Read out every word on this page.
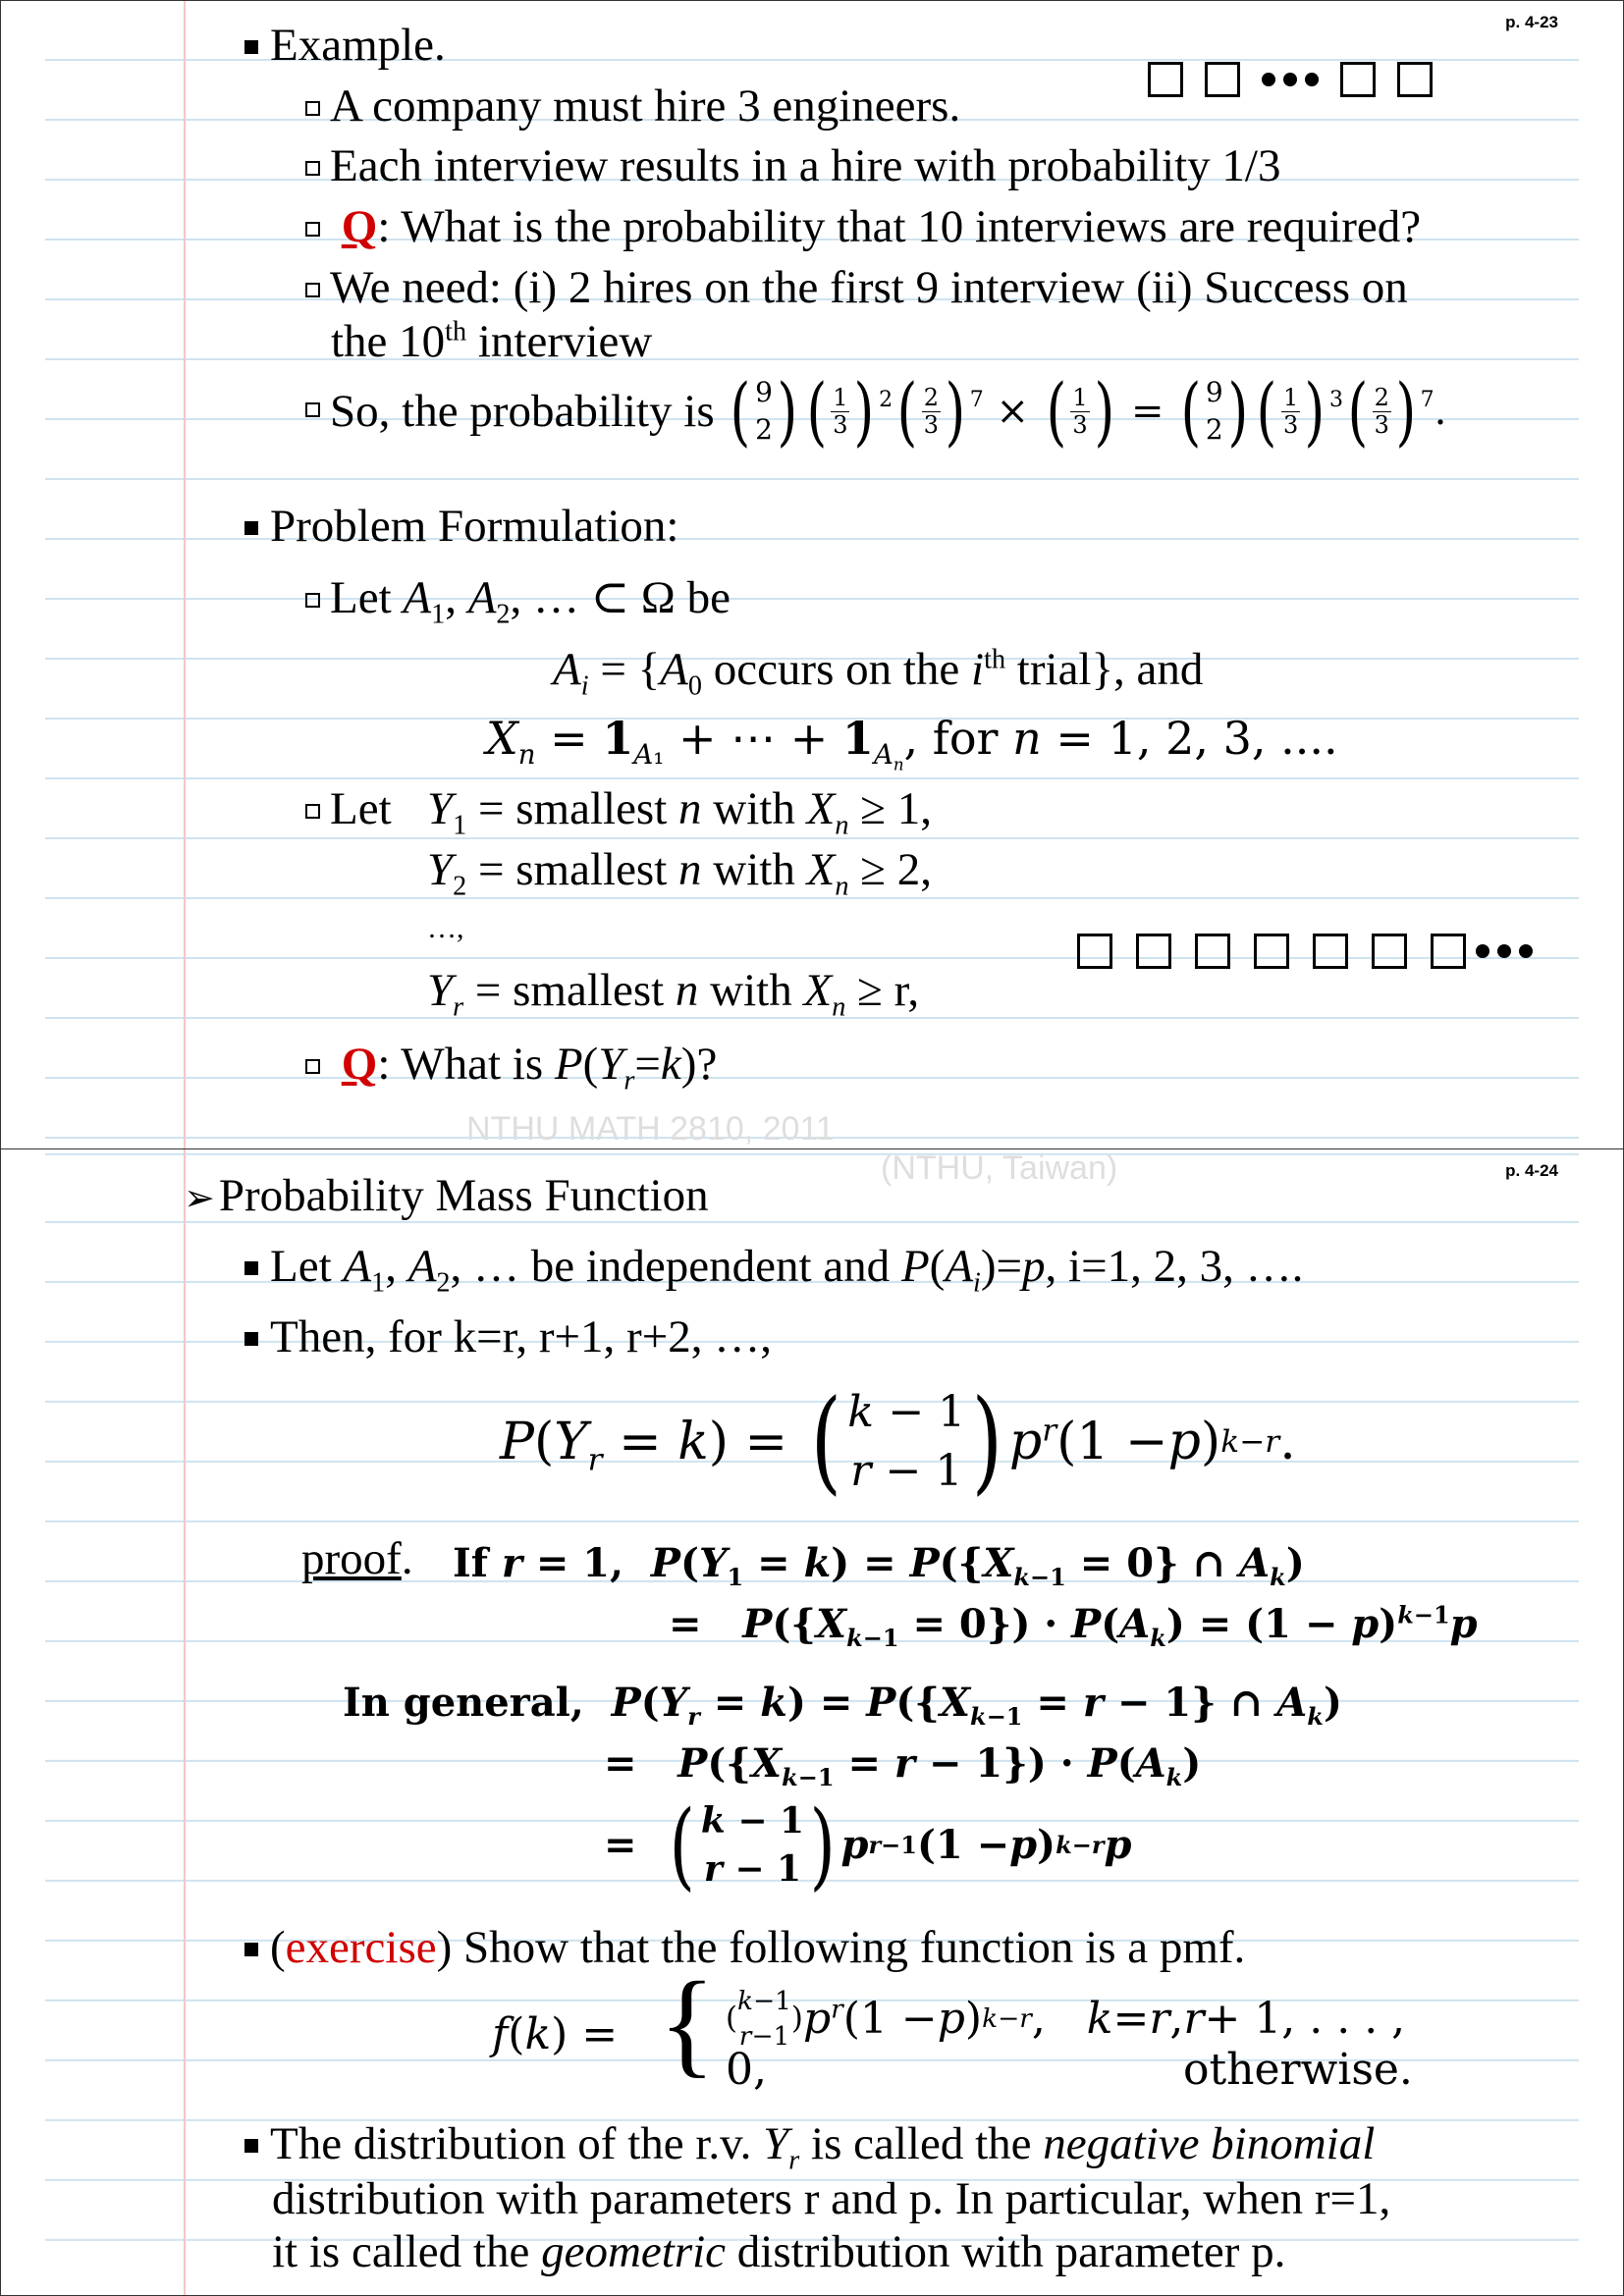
p. 4-23
Example.
A company must hire 3 engineers.
Each interview results in a hire with probability 1/3
Q: What is the probability that 10 interviews are required?
We need: (i) 2 hires on the first 9 interview (ii) Success on
the 10th interview
So, the probability is
( 9
2 ) ( $\frac{1}{3}$ ) 2 ( $\frac{2}{3}$ ) 7 × ( $\frac{1}{3}$ ) = ( 9
2 ) ( $\frac{1}{3}$ ) 3 ( $\frac{2}{3}$ ) 7 .
Problem Formulation:
Let $A_1$, $A_2$, … ⊂ Ω be
$A_i = \{A_0$ occurs on the $i^{th}$ trial}, and
$X_n = 1_{A_1}$ + ⋯ + $1_{A_n}$, for n = 1, 2, 3, ....
Let $Y_1$ = smallest n with $X_n \ge 1$,
$Y_2$ = smallest n with $X_n \ge 2$,
…,
$Y_r$ = smallest n with $X_n \ge r$,
Q: What is $P(Y_r=k)$?
NTHU MATH 2810, 2011
p. 4-24
(NTHU, Taiwan)
➢Probability Mass Function
Let $A_1$, $A_2$, … be independent and $P(A_i)=p$, i=1, 2, 3, ….
Then, for k=r, r+1, r+2, …,
P ( $Y_r = k$ ) = ( k − 1
r − 1 ) $p^r$ (1 − p ) k−r .
proof. If r = 1,  $P(Y_1 = k) = P(\{X_{k-1} = 0\}$ ∩ $A_k$)
=   $P(\{X_{k-1} = 0\}) \cdot P(A_k) = (1 - p)^{k-1}p$
In general, $P(Y_r = k) = P(\{X_{k-1} = r - 1\}$ ∩ $A_k$)
=   $P(\{X_{k-1} = r - 1\}) \cdot P(A_k)$
= ( k − 1
r − 1 ) p r−1 (1 − p ) k−r p
(exercise) Show that the following function is a pmf.
f(k) = { ( k−1
r−1 ) $p^r$ (1 − p ) k−r , k = r , r + 1, . . . ,
0,	otherwise.
The distribution of the r.v. $Y_r$ is called the negative binomial
distribution with parameters r and p. In particular, when r=1,
it is called the geometric distribution with parameter p.
